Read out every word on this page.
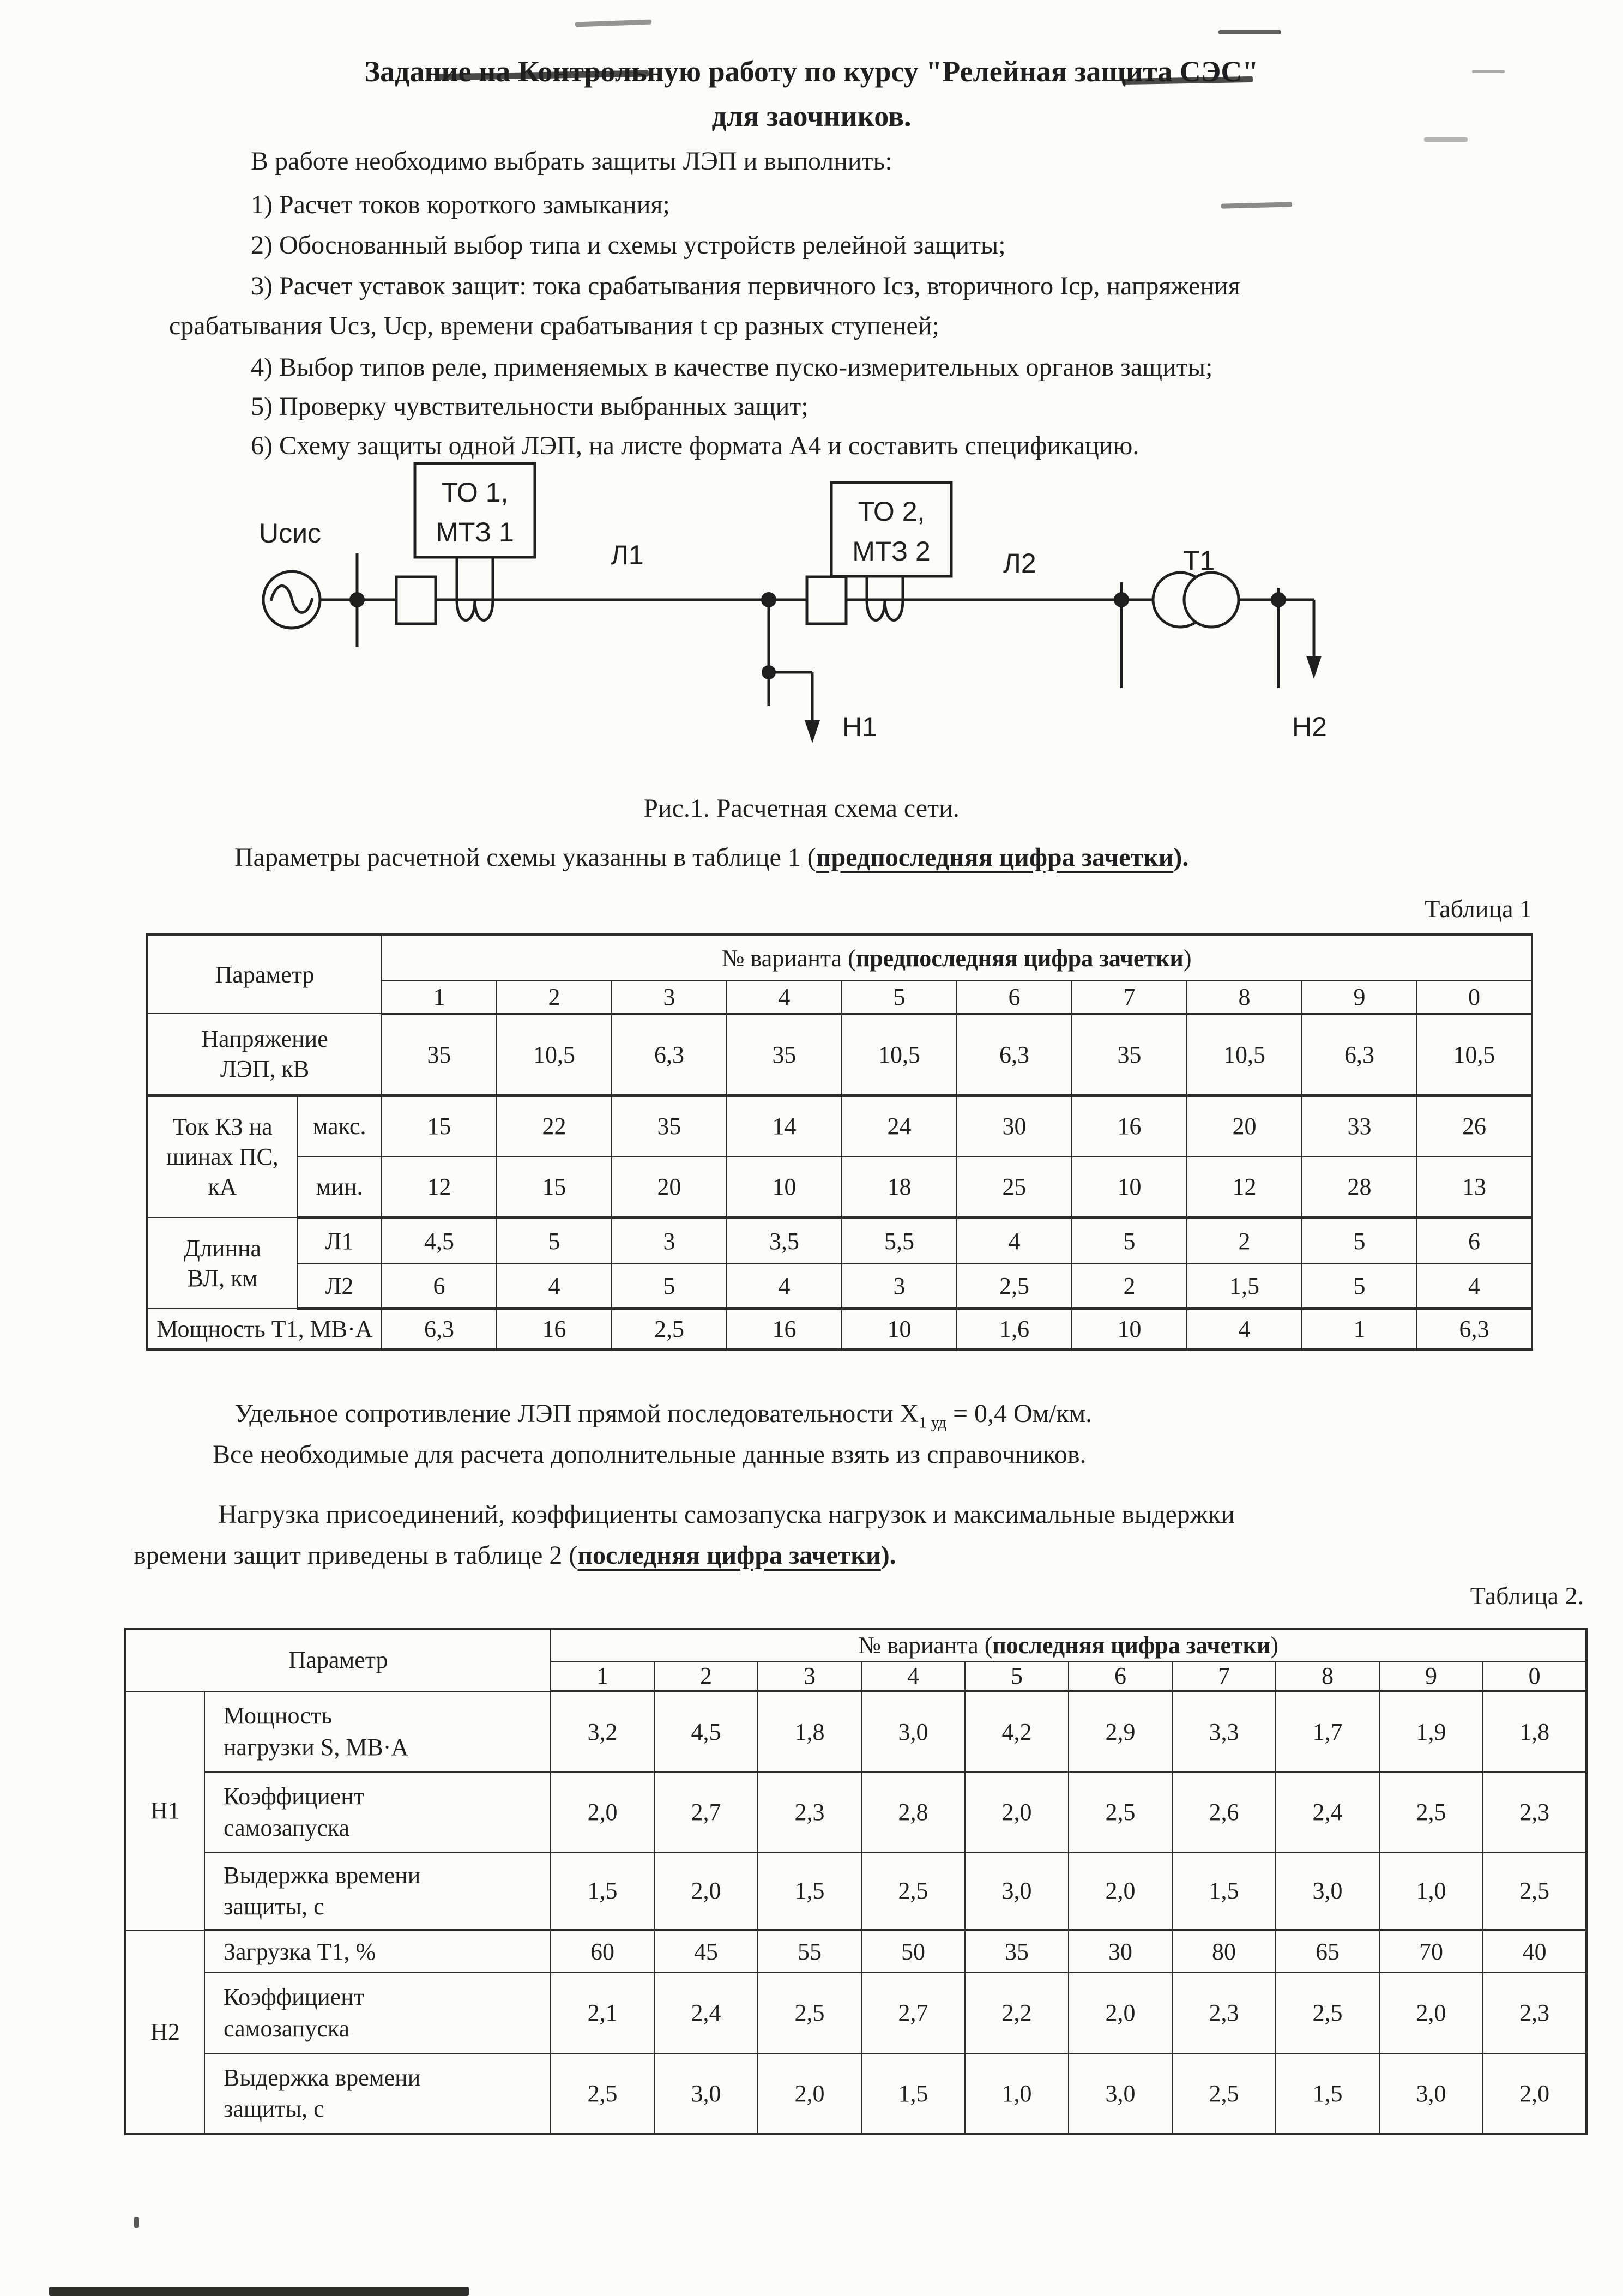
Задание на Контрольную работу по курсу "Релейная защита СЭС"
для заочников.
В работе необходимо выбрать защиты ЛЭП и выполнить:
1) Расчет токов короткого замыкания;
2) Обоснованный выбор типа и схемы устройств релейной защиты;
3) Расчет уставок защит: тока срабатывания первичного Iсз, вторичного Iср, напряжения
срабатывания Uсз, Uср, времени срабатывания t ср разных ступеней;
4) Выбор типов реле, применяемых в качестве пуско-измерительных органов защиты;
5) Проверку чувствительности выбранных защит;
6) Схему защиты одной ЛЭП, на листе формата А4 и составить спецификацию.
Uсис
ТО 1,
МТЗ 1
Л1
Н1
ТО 2,
МТЗ 2	Л2	Т1
Н2
Рис.1. Расчетная схема сети.
Параметры расчетной схемы указанны в таблице 1 (предпоследняя цифра зачетки).
Таблица 1
Параметр		№ варианта (предпоследняя цифра зачетки)									
		1	2	3	4	5	6	7	8	9	0

Напряжение
ЛЭП, кВ		35	10,5	6,3	35	10,5	6,3	35	10,5	6,3	10,5

Ток КЗ на
шинах ПС, кА	макс.	15	22	35	14	24	30	16	20	33	26
	мин.	12	15	20	10	18	25	10	12	28	13

Длинна
ВЛ, км	Л1	4,5	5	3	3,5	5,5	4	5	2	5	6
	Л2	6	4	5	4	3	2,5	2	1,5	5	4
Мощность Т1, МВ·А		6,3	16	2,5	16	10	1,6	10	4	1	6,3
Удельное сопротивление ЛЭП прямой последовательности $Х_{1 уд} = 0,4$ Ом/км.
Все необходимые для расчета дополнительные данные взять из справочников.
Нагрузка присоединений, коэффициенты самозапуска нагрузок и максимальные выдержки
времени защит приведены в таблице 2 (последняя цифра зачетки).
Таблица 2.
Параметр		№ варианта (последняя цифра зачетки)									
		1	2	3	4	5	6	7	8	9	0
Н1	Мощность
нагрузки S, МВ·А	3,2	4,5	1,8	3,0	4,2	2,9	3,3	1,7	1,9	1,8

	Коэффициент
самозапуска	2,0	2,7	2,3	2,8	2,0	2,5	2,6	2,4	2,5	2,3

	Выдержка времени
защиты, с	1,5	2,0	1,5	2,5	3,0	2,0	1,5	3,0	1,0	2,5
Н2	Загрузка Т1, %	60	45	55	50	35	30	80	65	70	40

	Коэффициент
самозапуска	2,1	2,4	2,5	2,7	2,2	2,0	2,3	2,5	2,0	2,3

	Выдержка времени
защиты, с	2,5	3,0	2,0	1,5	1,0	3,0	2,5	1,5	3,0	2,0
